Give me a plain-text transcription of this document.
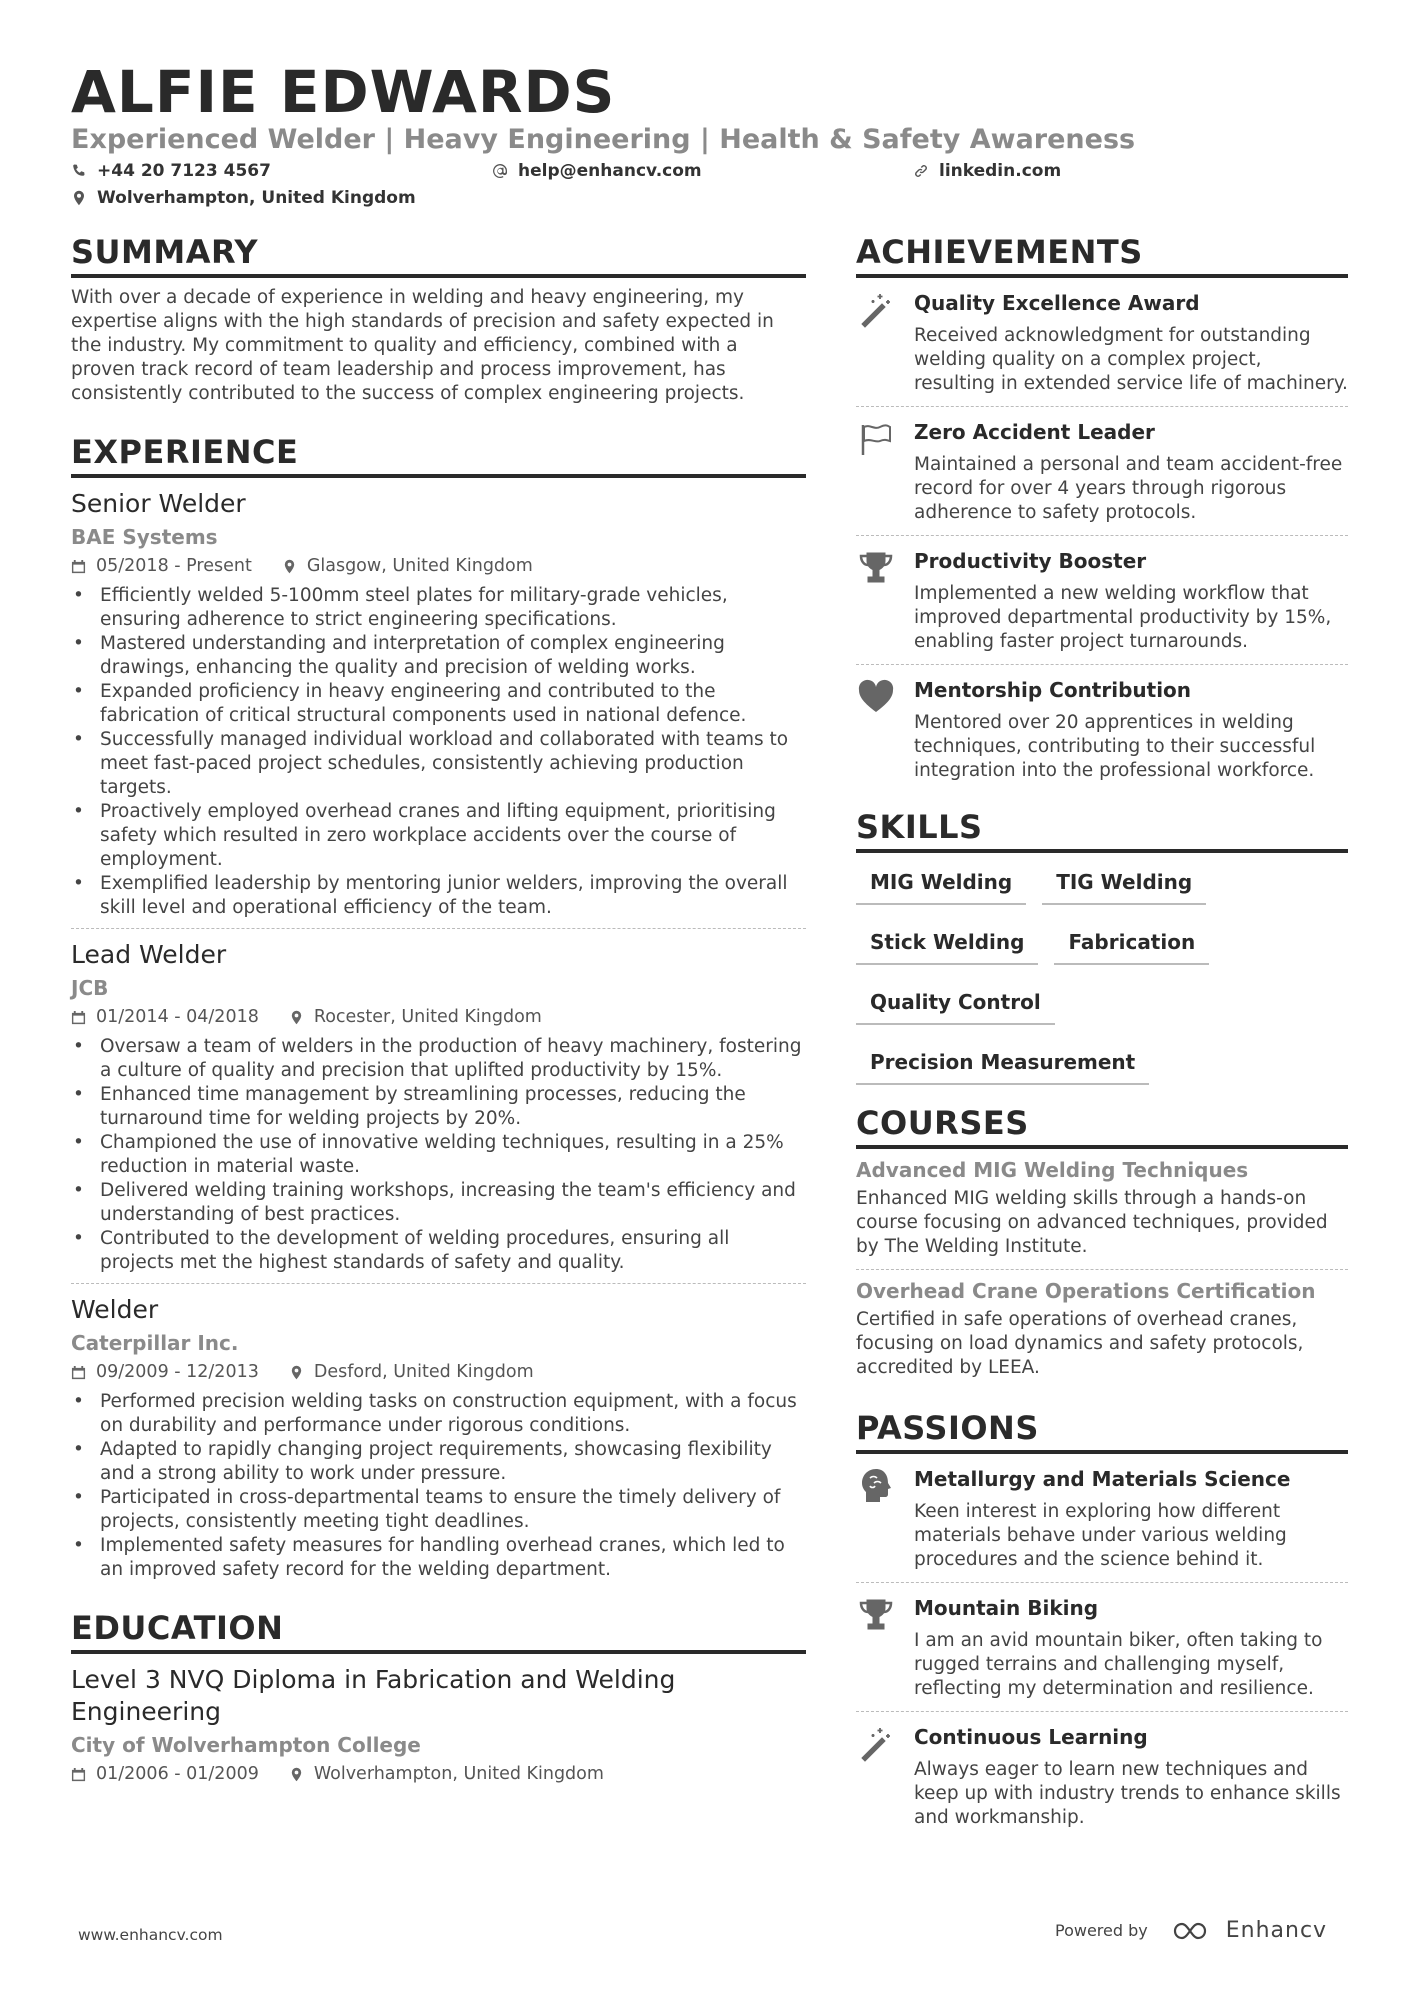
ALFIE EDWARDS
Experienced Welder | Heavy Engineering | Health & Safety Awareness
+44 20 7123 4567	help@enhancv.com	linkedin.com
Wolverhampton, United Kingdom
SUMMARY
With over a decade of experience in welding and heavy engineering, my expertise aligns with the high standards of precision and safety expected in the industry. My commitment to quality and efficiency, combined with a proven track record of team leadership and process improvement, has consistently contributed to the success of complex engineering projects.
EXPERIENCE
Senior Welder
BAE Systems
05/2018 - Present	Glasgow, United Kingdom
• Efficiently welded 5-100mm steel plates for military-grade vehicles, ensuring adherence to strict engineering specifications.
• Mastered understanding and interpretation of complex engineering drawings, enhancing the quality and precision of welding works.
• Expanded proficiency in heavy engineering and contributed to the fabrication of critical structural components used in national defence.
• Successfully managed individual workload and collaborated with teams to meet fast-paced project schedules, consistently achieving production targets.
• Proactively employed overhead cranes and lifting equipment, prioritising safety which resulted in zero workplace accidents over the course of employment.
• Exemplified leadership by mentoring junior welders, improving the overall skill level and operational efficiency of the team.
Lead Welder
JCB
01/2014 - 04/2018	Rocester, United Kingdom
• Oversaw a team of welders in the production of heavy machinery, fostering a culture of quality and precision that uplifted productivity by 15%.
• Enhanced time management by streamlining processes, reducing the turnaround time for welding projects by 20%.
• Championed the use of innovative welding techniques, resulting in a 25% reduction in material waste.
• Delivered welding training workshops, increasing the team's efficiency and understanding of best practices.
• Contributed to the development of welding procedures, ensuring all projects met the highest standards of safety and quality.
Welder
Caterpillar Inc.
09/2009 - 12/2013	Desford, United Kingdom
• Performed precision welding tasks on construction equipment, with a focus on durability and performance under rigorous conditions.
• Adapted to rapidly changing project requirements, showcasing flexibility and a strong ability to work under pressure.
• Participated in cross-departmental teams to ensure the timely delivery of projects, consistently meeting tight deadlines.
• Implemented safety measures for handling overhead cranes, which led to an improved safety record for the welding department.
EDUCATION
Level 3 NVQ Diploma in Fabrication and Welding Engineering
City of Wolverhampton College
01/2006 - 01/2009	Wolverhampton, United Kingdom
ACHIEVEMENTS
Quality Excellence Award
Received acknowledgment for outstanding welding quality on a complex project, resulting in extended service life of machinery.
Zero Accident Leader
Maintained a personal and team accident-free record for over 4 years through rigorous adherence to safety protocols.
Productivity Booster
Implemented a new welding workflow that improved departmental productivity by 15%, enabling faster project turnarounds.
Mentorship Contribution
Mentored over 20 apprentices in welding techniques, contributing to their successful integration into the professional workforce.
SKILLS
MIG Welding	TIG Welding
Stick Welding	Fabrication
Quality Control
Precision Measurement
COURSES
Advanced MIG Welding Techniques
Enhanced MIG welding skills through a hands-on course focusing on advanced techniques, provided by The Welding Institute.
Overhead Crane Operations Certification
Certified in safe operations of overhead cranes, focusing on load dynamics and safety protocols, accredited by LEEA.
PASSIONS
Metallurgy and Materials Science
Keen interest in exploring how different materials behave under various welding procedures and the science behind it.
Mountain Biking
I am an avid mountain biker, often taking to rugged terrains and challenging myself, reflecting my determination and resilience.
Continuous Learning
Always eager to learn new techniques and keep up with industry trends to enhance skills and workmanship.
www.enhancv.com	Powered by	Enhancv
